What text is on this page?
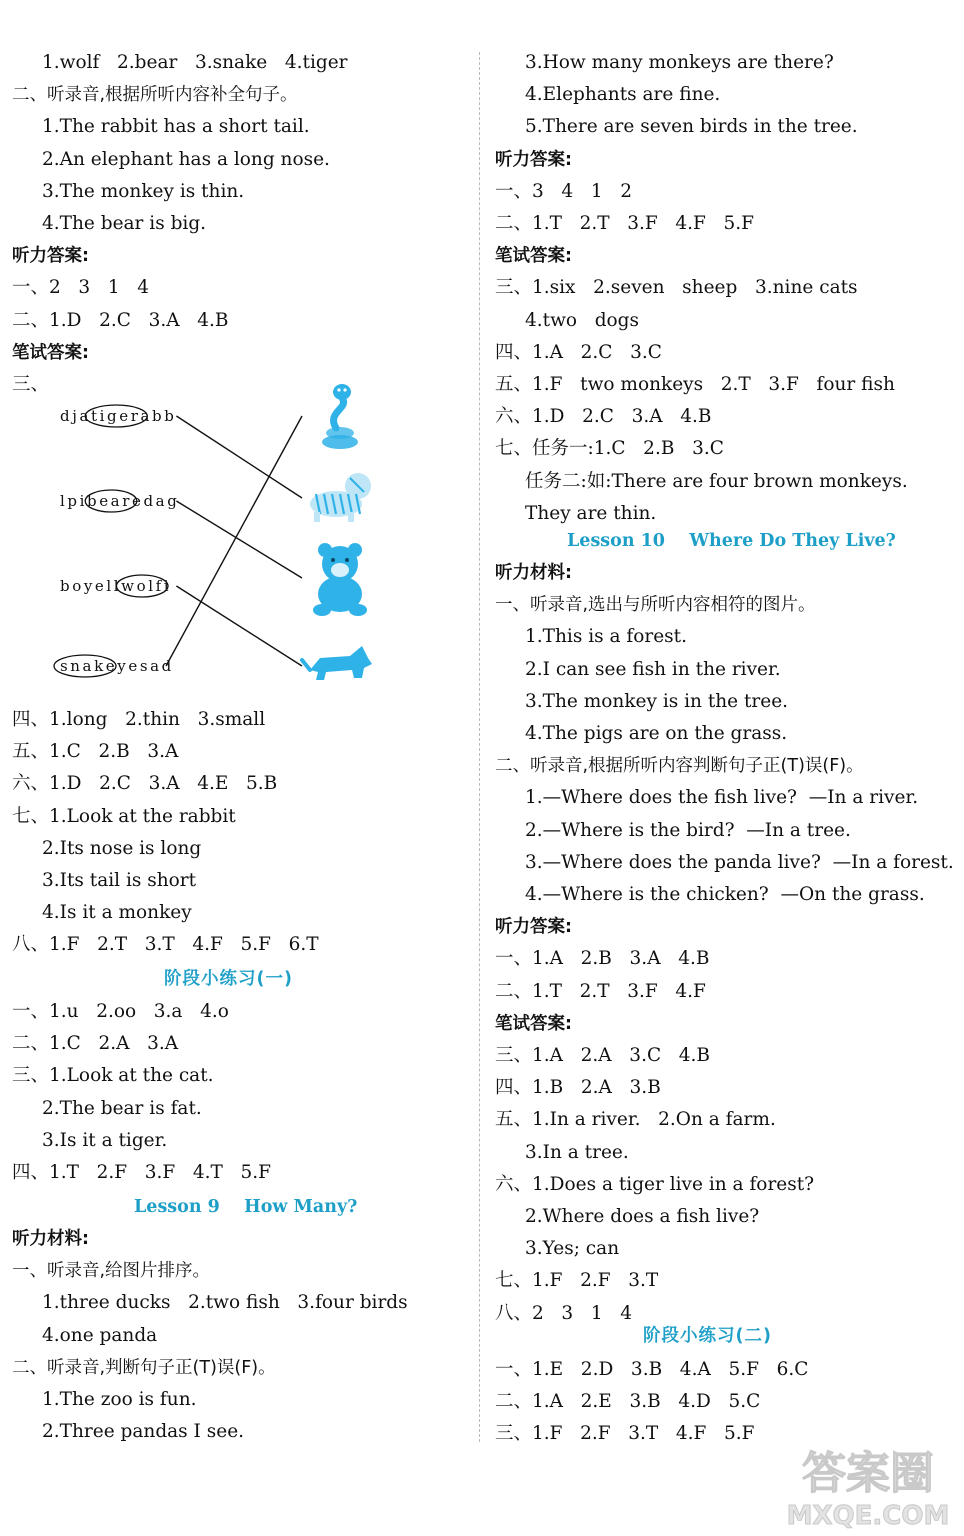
1.wolf   2.bear   3.snake   4.tiger
二、听录音,根据所听内容补全句子。
1.The rabbit has a short tail.
2.An elephant has a long nose.
3.The monkey is thin.
4.The bear is big.
听力答案:
一、2   3   1   4
二、1.D   2.C   3.A   4.B
笔试答案:
三、
四、1.long   2.thin   3.small
五、1.C   2.B   3.A
六、1.D   2.C   3.A   4.E   5.B
七、1.Look at the rabbit
2.Its nose is long
3.Its tail is short
4.Is it a monkey
八、1.F   2.T   3.T   4.F   5.F   6.T
阶段小练习(一)
一、1.u   2.oo   3.a   4.o
二、1.C   2.A   3.A
三、1.Look at the cat.
2.The bear is fat.
3.Is it a tiger.
四、1.T   2.F   3.F   4.T   5.F
Lesson 9    How Many?
听力材料:
一、听录音,给图片排序。
1.three ducks   2.two fish   3.four birds
4.one panda
二、听录音,判断句子正(T)误(F)。
1.The zoo is fun.
2.Three pandas I see.
3.How many monkeys are there?
4.Elephants are fine.
5.There are seven birds in the tree.
听力答案:
一、3   4   1   2
二、1.T   2.T   3.F   4.F   5.F
笔试答案:
三、1.six   2.seven   sheep   3.nine cats
4.two   dogs
四、1.A   2.C   3.C
五、1.F   two monkeys   2.T   3.F   four fish
六、1.D   2.C   3.A   4.B
七、任务一:1.C   2.B   3.C
任务二:如:There are four brown monkeys.
They are thin.
Lesson 10    Where Do They Live?
听力材料:
一、听录音,选出与所听内容相符的图片。
1.This is a forest.
2.I can see fish in the river.
3.The monkey is in the tree.
4.The pigs are on the grass.
二、听录音,根据所听内容判断句子正(T)误(F)。
1.—Where does the fish live?  —In a river.
2.—Where is the bird?  —In a tree.
3.—Where does the panda live?  —In a forest.
4.—Where is the chicken?  —On the grass.
听力答案:
一、1.A   2.B   3.A   4.B
二、1.T   2.T   3.F   4.F
笔试答案:
三、1.A   2.A   3.C   4.B
四、1.B   2.A   3.B
五、1.In a river.   2.On a farm.
3.In a tree.
六、1.Does a tiger live in a forest?
2.Where does a fish live?
3.Yes; can
七、1.F   2.F   3.T
八、2   3   1   4
阶段小练习(二)
一、1.E   2.D   3.B   4.A   5.F   6.C
二、1.A   2.E   3.B   4.D   5.C
三、1.F   2.F   3.T   4.F   5.F
djatigerabb
lpibearedag
boyellwolfi
snakeyesad
答案圈
MXQE.COM
